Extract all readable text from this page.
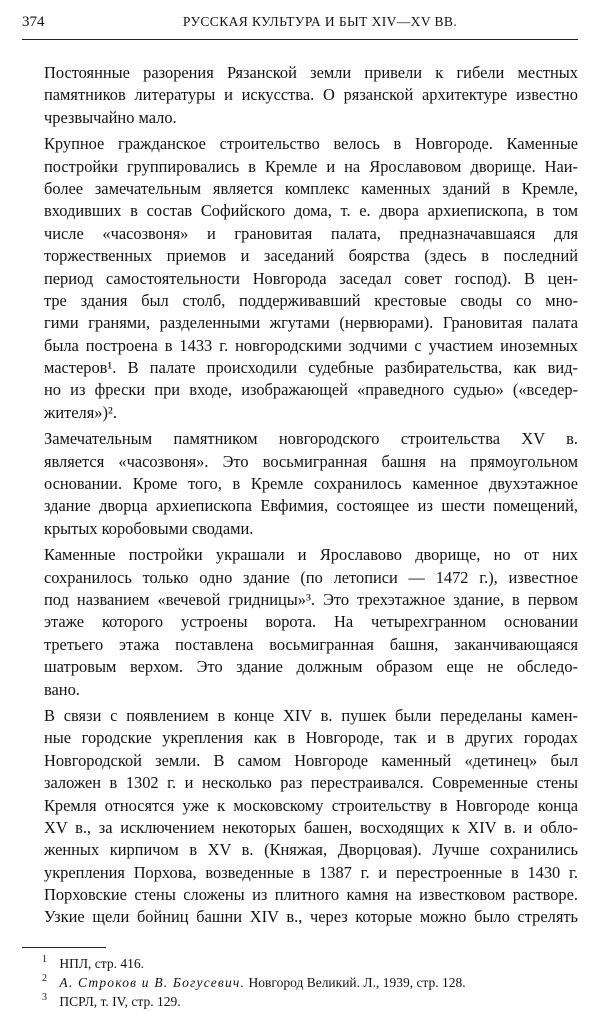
374	РУССКАЯ КУЛЬТУРА И БЫТ XIV—XV ВВ.

Постоянные разорения Рязанской земли привели к гибели местных
памятников литературы и искусства. О рязанской архитектуре известно
чрезвычайно мало.

Крупное гражданское строительство велось в Новгороде. Каменные
постройки группировались в Кремле и на Ярославовом дворище. Наи-
более замечательным является комплекс каменных зданий в Кремле,
входивших в состав Софийского дома, т. е. двора архиепископа, в том
числе «часозвоня» и грановитая палата, предназначавшаяся для
торжественных приемов и заседаний боярства (здесь в последний
период самостоятельности Новгорода заседал совет господ). В цен-
тре здания был столб, поддерживавший крестовые своды со мно-
гими гранями, разделенными жгутами (нервюрами). Грановитая палата
была построена в 1433 г. новгородскими зодчими с участием иноземных
мастеров¹. В палате происходили судебные разбирательства, как вид-
но из фрески при входе, изображающей «праведного судью» («вседер-
жителя»)².

Замечательным памятником новгородского строительства XV в.
является «часозвоня». Это восьмигранная башня на прямоугольном
основании. Кроме того, в Кремле сохранилось каменное двухэтажное
здание дворца архиепископа Евфимия, состоящее из шести помещений,
крытых коробовыми сводами.

Каменные постройки украшали и Ярославово дворище, но от них
сохранилось только одно здание (по летописи — 1472 г.), известное
под названием «вечевой гридницы»³. Это трехэтажное здание, в первом
этаже которого устроены ворота. На четырехгранном основании
третьего этажа поставлена восьмигранная башня, заканчивающаяся
шатровым верхом. Это здание должным образом еще не обследо-
вано.

В связи с появлением в конце XIV в. пушек были переделаны камен-
ные городские укрепления как в Новгороде, так и в других городах
Новгородской земли. В самом Новгороде каменный «детинец» был
заложен в 1302 г. и несколько раз перестраивался. Современные стены
Кремля относятся уже к московскому строительству в Новгороде конца
XV в., за исключением некоторых башен, восходящих к XIV в. и обло-
женных кирпичом в XV в. (Княжая, Дворцовая). Лучше сохранились
укрепления Порхова, возведенные в 1387 г. и перестроенные в 1430 г.
Порховские стены сложены из плитного камня на известковом растворе.
Узкие щели бойниц башни XIV в., через которые можно было стрелять

1 НПЛ, стр. 416.
2 А. Строков и В. Богусевич. Новгород Великий. Л., 1939, стр. 128.
3 ПСРЛ, т. IV, стр. 129.
